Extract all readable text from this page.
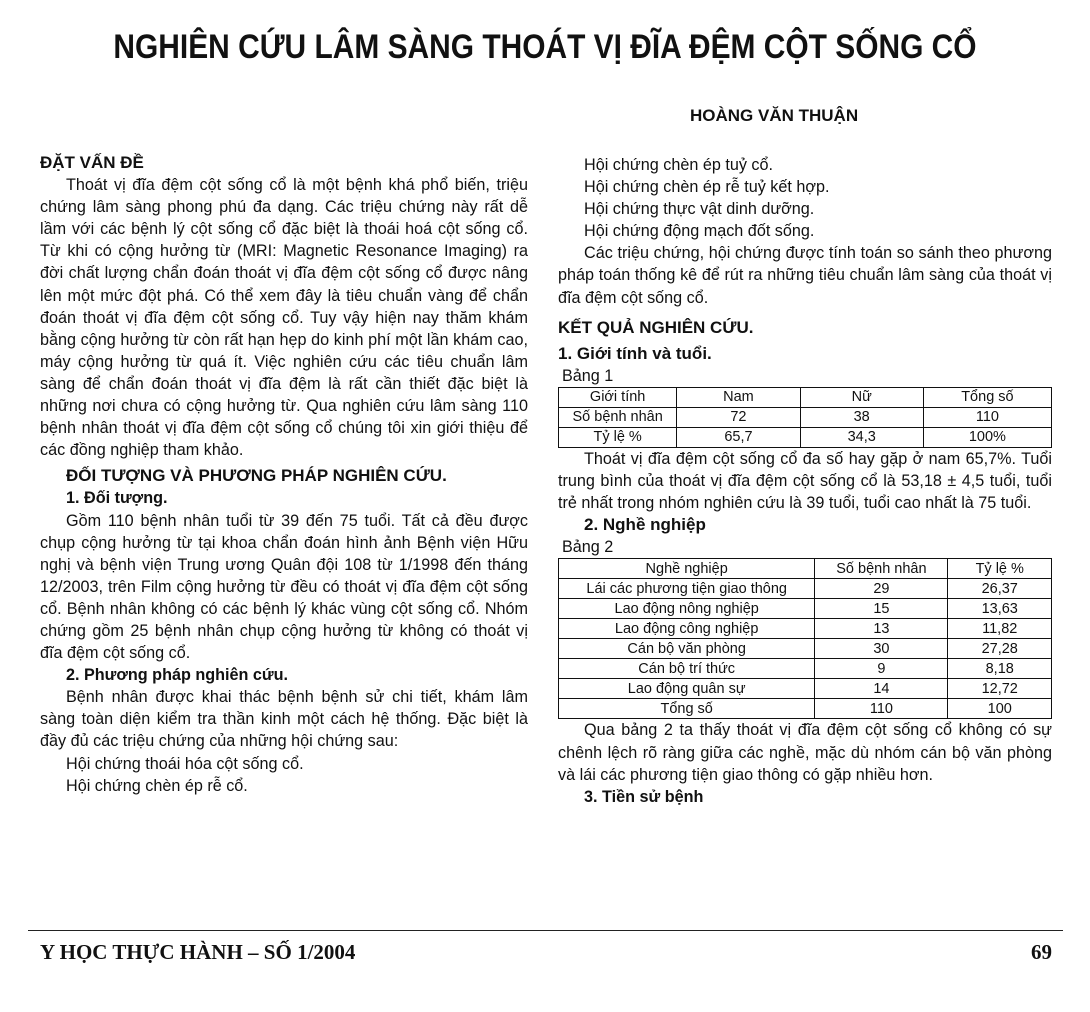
NGHIÊN CỨU LÂM SÀNG THOÁT VỊ ĐĨA ĐỆM CỘT SỐNG CỔ
HOÀNG VĂN THUẬN

ĐẶT VẤN ĐỀ

Thoát vị đĩa đệm cột sống cổ là một bệnh khá phổ biến, triệu chứng lâm sàng phong phú đa dạng. Các triệu chứng này rất dễ lầm với các bệnh lý cột sống cổ đặc biệt là thoái hoá cột sống cổ. Từ khi có cộng hưởng từ (MRI: Magnetic Resonance Imaging) ra đời chất lượng chẩn đoán thoát vị đĩa đệm cột sống cổ được nâng lên một mức đột phá. Có thể xem đây là tiêu chuẩn vàng để chẩn đoán thoát vị đĩa đệm cột sống cổ. Tuy vậy hiện nay thăm khám bằng cộng hưởng từ còn rất hạn hẹp do kinh phí một lần khám cao, máy cộng hưởng từ quá ít. Việc nghiên cứu các tiêu chuẩn lâm sàng để chẩn đoán thoát vị đĩa đệm là rất cần thiết đặc biệt là những nơi chưa có cộng hưởng từ. Qua nghiên cứu lâm sàng 110 bệnh nhân thoát vị đĩa đệm cột sống cổ chúng tôi xin giới thiệu để các đồng nghiệp tham khảo.

ĐỐI TƯỢNG VÀ PHƯƠNG PHÁP NGHIÊN CỨU.

1. Đối tượng.

Gồm 110 bệnh nhân tuổi từ 39 đến 75 tuổi. Tất cả đều được chụp cộng hưởng từ tại khoa chẩn đoán hình ảnh Bệnh viện Hữu nghị và bệnh viện Trung ương Quân đội 108 từ 1/1998 đến tháng 12/2003, trên Film cộng hưởng từ đều có thoát vị đĩa đệm cột sống cổ. Bệnh nhân không có các bệnh lý khác vùng cột sống cổ. Nhóm chứng gồm 25 bệnh nhân chụp cộng hưởng từ không có thoát vị đĩa đệm cột sống cổ.

2. Phương pháp nghiên cứu.

Bệnh nhân được khai thác bệnh bệnh sử chi tiết, khám lâm sàng toàn diện kiểm tra thần kinh một cách hệ thống. Đặc biệt là đầy đủ các triệu chứng của những hội chứng sau:

Hội chứng thoái hóa cột sống cổ.

Hội chứng chèn ép rễ cổ.

Hội chứng chèn ép tuỷ cổ.

Hội chứng chèn ép rễ tuỷ kết hợp.

Hội chứng thực vật dinh dưỡng.

Hội chứng động mạch đốt sống.

Các triệu chứng, hội chứng được tính toán so sánh theo phương pháp toán thống kê để rút ra những tiêu chuẩn lâm sàng của thoát vị đĩa đệm cột sống cổ.

KẾT QUẢ NGHIÊN CỨU.

1. Giới tính và tuổi.

Bảng 1

Giới tính	Nam	Nữ	Tổng số
Số bệnh nhân	72	38	110
Tỷ lệ %	65,7	34,3	100%

Thoát vị đĩa đệm cột sống cổ đa số hay gặp ở nam 65,7%. Tuổi trung bình của thoát vị đĩa đệm cột sống cổ là 53,18 ± 4,5 tuổi, tuổi trẻ nhất trong nhóm nghiên cứu là 39 tuổi, tuổi cao nhất là 75 tuổi.

2. Nghề nghiệp

Bảng 2

Nghề nghiệp	Số bệnh nhân	Tỷ lệ %
Lái các phương tiện giao thông	29	26,37
Lao động nông nghiệp	15	13,63
Lao động công nghiệp	13	11,82
Cán bộ văn phòng	30	27,28
Cán bộ trí thức	9	8,18
Lao động quân sự	14	12,72
Tổng số	110	100

Qua bảng 2 ta thấy thoát vị đĩa đệm cột sống cổ không có sự chênh lệch rõ ràng giữa các nghề, mặc dù nhóm cán bộ văn phòng và lái các phương tiện giao thông có gặp nhiều hơn.

3. Tiền sử bệnh

Y HỌC THỰC HÀNH – SỐ 1/2004	69
